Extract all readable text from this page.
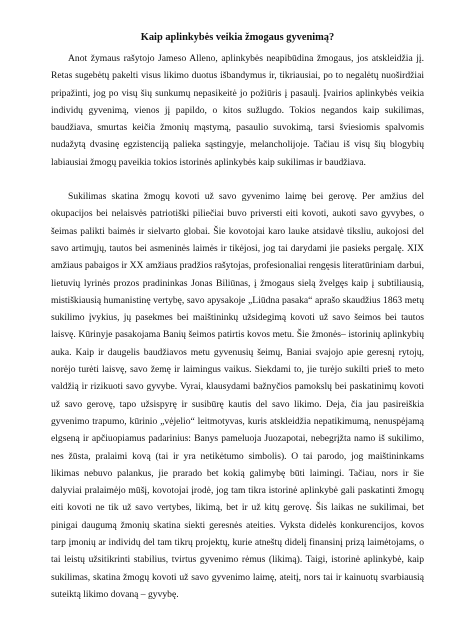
Kaip aplinkybės veikia žmogaus gyvenimą?

Anot žymaus rašytojo Jameso Alleno, aplinkybės neapibūdina žmogaus, jos atskleidžia jį. Retas sugebėtų pakelti visus likimo duotus išbandymus ir, tikriausiai, po to negalėtų nuoširdžiai pripažinti, jog po visų šių sunkumų nepasikeitė jo požiūris į pasaulį. Įvairios aplinkybės veikia individų gyvenimą, vienos jį papildo, o kitos sužlugdo. Tokios negandos kaip sukilimas, baudžiava, smurtas keičia žmonių mąstymą, pasaulio suvokimą, tarsi šviesiomis spalvomis nudažytą dvasinę egzistenciją palieka sąstingyje, melancholijoje. Tačiau iš visų šių blogybių labiausiai žmogų paveikia tokios istorinės aplinkybės kaip sukilimas ir baudžiava.

Sukilimas skatina žmogų kovoti už savo gyvenimo laimę bei gerovę. Per amžius del okupacijos bei nelaisvės patriotiški piliečiai buvo priversti eiti kovoti, aukoti savo gyvybes, o šeimas palikti baimės ir sielvarto globai. Šie kovotojai karo lauke atsidavė tiksliu, aukojosi del savo artimųjų, tautos bei asmeninės laimės ir tikėjosi, jog tai darydami jie pasieks pergalę. XIX amžiaus pabaigos ir XX amžiaus pradžios rašytojas, profesionaliai rengęsis literatūriniam darbui, lietuvių lyrinės prozos pradininkas Jonas Biliūnas, į žmogaus sielą žvelgęs kaip į subtiliausią, mistiškiausią humanistinę vertybę, savo apysakoje „Liūdna pasaka“ aprašo skaudžius 1863 metų sukilimo įvykius, jų pasekmes bei maištininkų užsidegimą kovoti už savo šeimos bei tautos laisvę. Kūrinyje pasakojama Banių šeimos patirtis kovos metu. Šie žmonės– istorinių aplinkybių auka. Kaip ir daugelis baudžiavos metu gyvenusių šeimų, Baniai svajojo apie geresnį rytojų, norėjo turėti laisvę, savo žemę ir laimingus vaikus. Siekdami to, jie turėjo sukilti prieš to meto valdžią ir rizikuoti savo gyvybe. Vyrai, klausydami bažnyčios pamokslų bei paskatinimų kovoti už savo gerovę, tapo užsispyrę ir susibūrę kautis del savo likimo. Deja, čia jau pasireiškia gyvenimo trapumo, kūrinio „vėjelio“ leitmotyvas, kuris atskleidžia nepatikimumą, nenuspėjamą elgseną ir apčiuopiamus padarinius: Banys pameluoja Juozapotai, nebegrįžta namo iš sukilimo, nes žūsta, pralaimi kovą (tai ir yra netikėtumo simbolis). O tai parodo, jog maištininkams likimas nebuvo palankus, jie prarado bet kokią galimybę būti laimingi. Tačiau, nors ir šie dalyviai pralaimėjo mūšį, kovotojai įrodė, jog tam tikra istorinė aplinkybė gali paskatinti žmogų eiti kovoti ne tik už savo vertybes, likimą, bet ir už kitų gerovę. Šis laikas ne sukilimai, bet pinigai daugumą žmonių skatina siekti geresnės ateities. Vyksta didelės konkurencijos, kovos tarp įmonių ar individų del tam tikrų projektų, kurie atneštų didelį finansinį prizą laimėtojams, o tai leistų užsitikrinti stabilius, tvirtus gyvenimo rėmus (likimą). Taigi, istorinė aplinkybė, kaip sukilimas, skatina žmogų kovoti už savo gyvenimo laimę, ateitį, nors tai ir kainuotų svarbiausią suteiktą likimo dovaną – gyvybę.
